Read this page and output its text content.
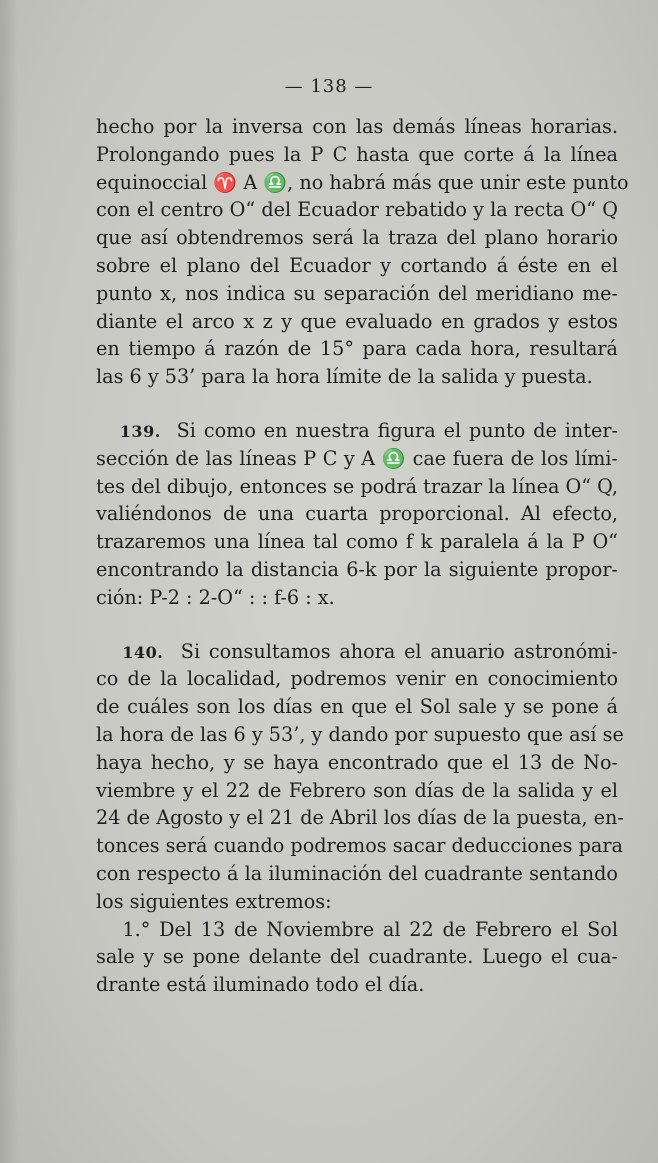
— 138 —
hecho por la inversa con las demás líneas horarias.
Prolongando pues la P C hasta que corte á la línea
equinoccial ♈ A ♎, no habrá más que unir este punto
con el centro O“ del Ecuador rebatido y la recta O“ Q
que así obtendremos será la traza del plano horario
sobre el plano del Ecuador y cortando á éste en el
punto x, nos indica su separación del meridiano me-
diante el arco x z y que evaluado en grados y estos
en tiempo á razón de 15° para cada hora, resultará
las 6 y 53’ para la hora límite de la salida y puesta.
139. Si como en nuestra figura el punto de inter-
sección de las líneas P C y A ♎ cae fuera de los lími-
tes del dibujo, entonces se podrá trazar la línea O“ Q,
valiéndonos de una cuarta proporcional. Al efecto,
trazaremos una línea tal como f k paralela á la P O“
encontrando la distancia 6-k por la siguiente propor-
ción: P-2 : 2-O“ : : f-6 : x.
140. Si consultamos ahora el anuario astronómi-
co de la localidad, podremos venir en conocimiento
de cuáles son los días en que el Sol sale y se pone á
la hora de las 6 y 53’, y dando por supuesto que así se
haya hecho, y se haya encontrado que el 13 de No-
viembre y el 22 de Febrero son días de la salida y el
24 de Agosto y el 21 de Abril los días de la puesta, en-
tonces será cuando podremos sacar deducciones para
con respecto á la iluminación del cuadrante sentando
los siguientes extremos:
1.° Del 13 de Noviembre al 22 de Febrero el Sol
sale y se pone delante del cuadrante. Luego el cua-
drante está iluminado todo el día.
